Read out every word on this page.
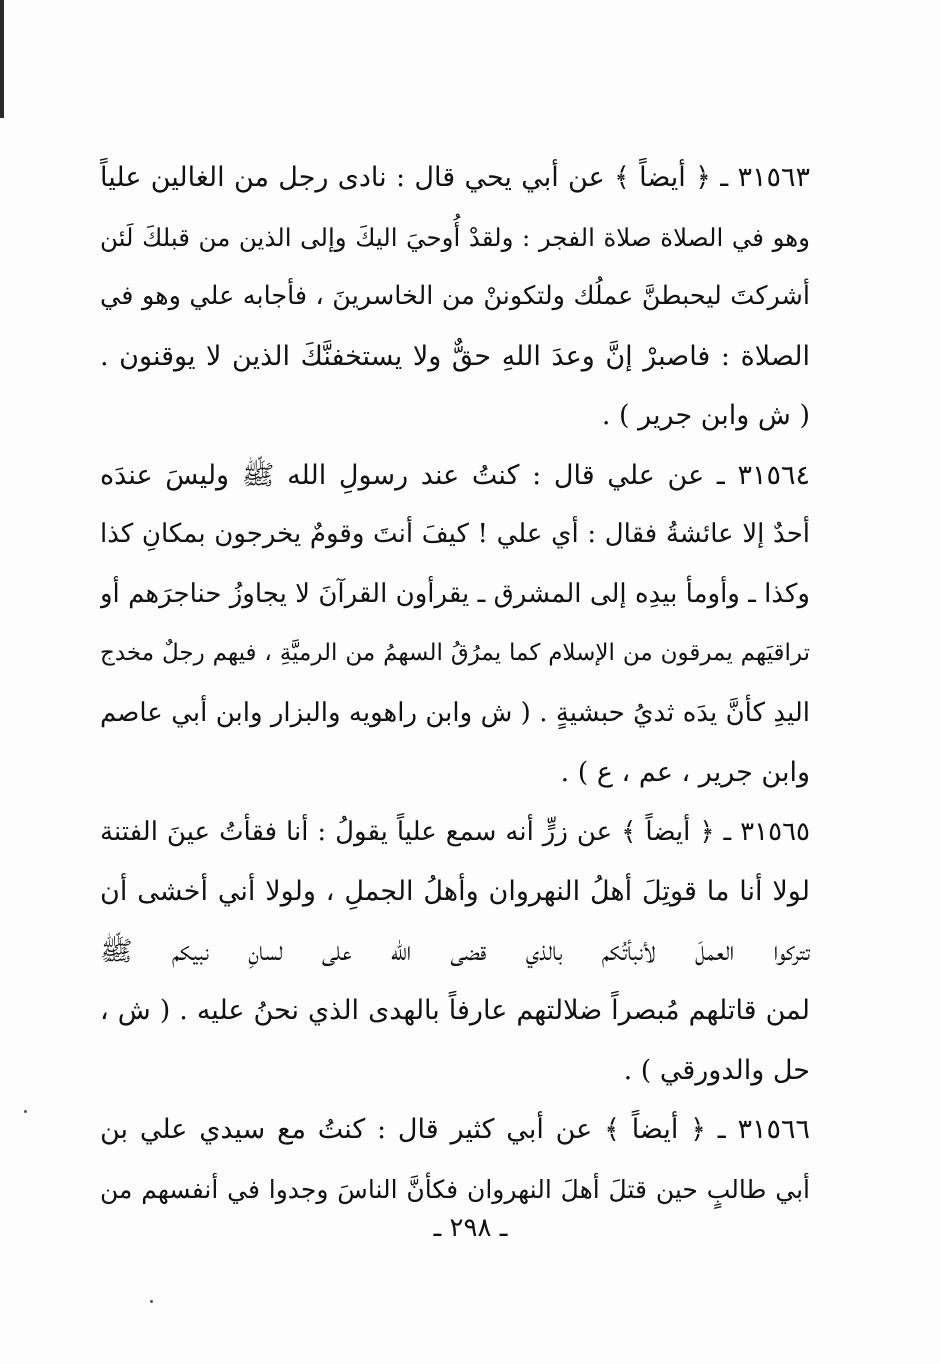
٣١٥٦٣ ـ ﴿ أيضاً ﴾ عن أبي يحي قال : نادى رجل من الغالين علياً
وهو في الصلاة صلاة الفجر : ولقدْ أُوحيَ اليكَ وإلى الذين من قبلكَ لَئن
أشركتَ ليحبطنَّ عملُك ولتكوننْ من الخاسرينَ ، فأجابه علي وهو في
الصلاة : فاصبرْ إنَّ وعدَ اللهِ حقٌّ ولا يستخفنَّكَ الذين لا يوقنون .
( ش وابن جرير ) .
٣١٥٦٤ ـ عن علي قال : كنتُ عند رسولِ الله ﷺ وليسَ عندَه
أحدٌ إلا عائشةُ فقال : أي علي ! كيفَ أنتَ وقومٌ يخرجون بمكانِ كذا
وكذا ـ وأومأ بيدِه إلى المشرق ـ يقرأون القرآنَ لا يجاوزُ حناجرَهم أو
تراقيَهم يمرقون من الإسلام كما يمرُقُ السهمُ من الرميَّةِ ، فيهم رجلٌ مخدج
اليدِ كأنَّ يدَه ثديُ حبشيةٍ . ( ش وابن راهويه والبزار وابن أبي عاصم
وابن جرير ، عم ، ع ) .
٣١٥٦٥ ـ ﴿ أيضاً ﴾ عن زرٍّ أنه سمع علياً يقولُ : أنا فقأتُ عينَ الفتنة
لولا أنا ما قوتِلَ أهلُ النهروان وأهلُ الجملِ ، ولولا أني أخشى أن
تتركوا العملَ لأنبأتُكم بالذي قضى الله على لسانِ نبيكم ﷺ
لمن قاتلهم مُبصراً ضلالتهم عارفاً بالهدى الذي نحنُ عليه . ( ش ،
حل والدورقي ) .
٣١٥٦٦ ـ ﴿ أيضاً ﴾ عن أبي كثير قال : كنتُ مع سيدي علي بن
أبي طالبٍ حين قتلَ أهلَ النهروان فكأنَّ الناسَ وجدوا في أنفسهم من
ـ ٢٩٨ ـ
